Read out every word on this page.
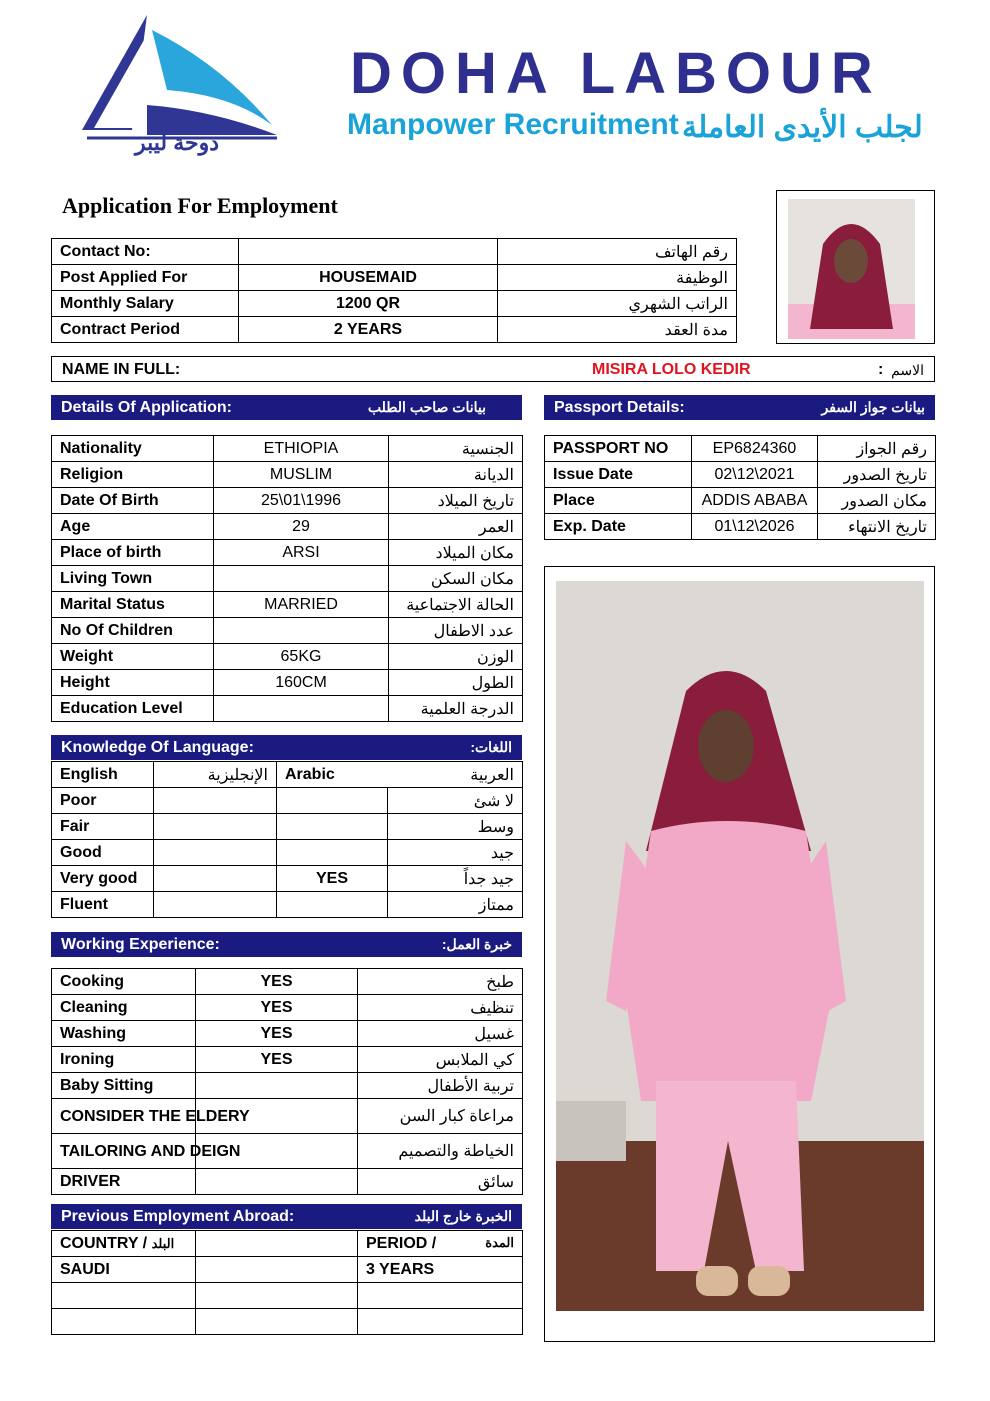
دوحة ليبر
DOHA LABOUR
Manpower Recruitment لجلب الأيدى العاملة
Application For Employment
Contact No:		رقم الهاتف
Post Applied For	HOUSEMAID	الوظيفة
Monthly Salary	1200 QR	الراتب الشهري
Contract Period	2 YEARS	مدة العقد
NAME IN FULL:	MISIRA LOLO KEDIR	: الاسم
Details Of Application:	بيانات صاحب الطلب	Passport Details:	بيانات جواز السفر
Nationality	ETHIOPIA	الجنسية
Religion	MUSLIM	الديانة
Date Of Birth	25\01\1996	تاريخ الميلاد
Age	29	العمر
Place of birth	ARSI	مكان الميلاد
Living Town		مكان السكن
Marital Status	MARRIED	الحالة الاجتماعية
No Of Children		عدد الاطفال
Weight	65KG	الوزن
Height	160CM	الطول
Education Level		الدرجة العلمية
PASSPORT NO	EP6824360	رقم الجواز
Issue Date	02\12\2021	تاريخ الصدور
Place	ADDIS ABABA	مكان الصدور
Exp. Date	01\12\2026	تاريخ الانتهاء
Knowledge Of Language:	اللغات:
English	الإنجليزية	Arabic	العربية
Poor			لا شئ
Fair			وسط
Good			جيد
Very good		YES	جيد جداً
Fluent			ممتاز
Working Experience:	خبرة العمل:
Cooking	YES	طبخ
Cleaning	YES	تنظيف
Washing	YES	غسيل
Ironing	YES	كي الملابس
Baby Sitting		تربية الأطفال
CONSIDER THE ELDERY		مراعاة كبار السن
TAILORING AND DEIGN		الخياطة والتصميم
DRIVER		سائق
Previous Employment Abroad:	الخبرة خارج البلد
COUNTRY / البلد		PERIOD / المدة

SAUDI		3 YEARS
